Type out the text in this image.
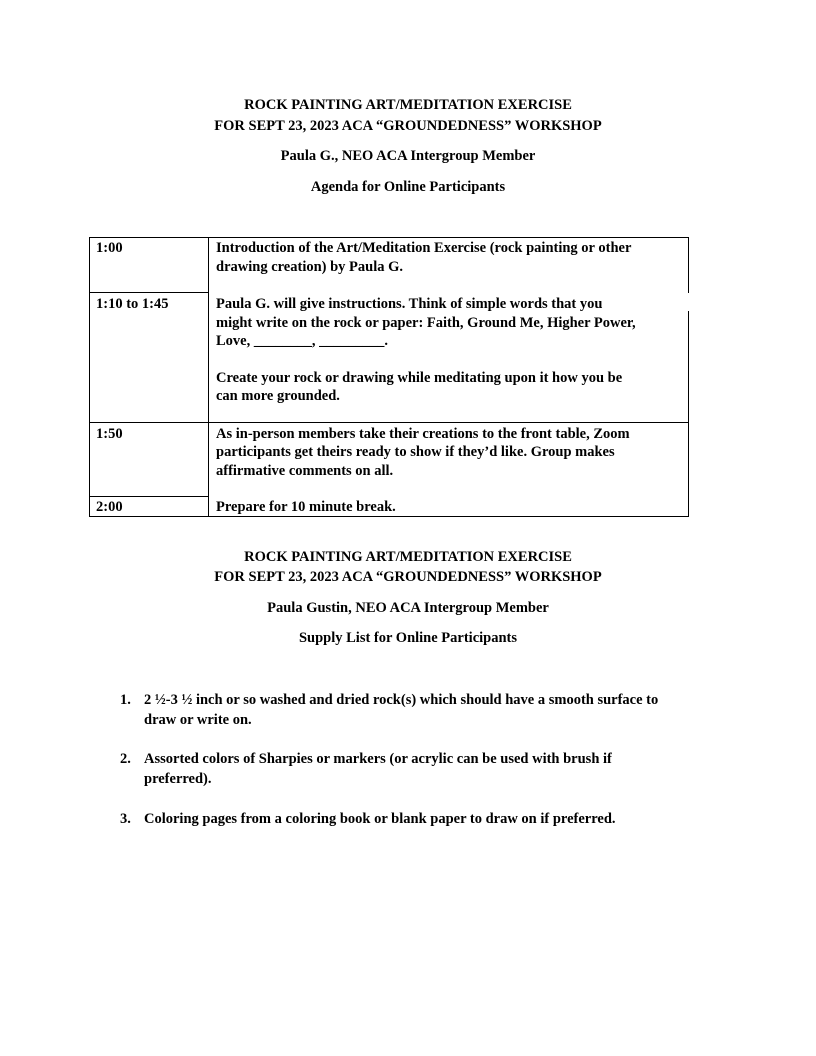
ROCK PAINTING ART/MEDITATION EXERCISE
FOR SEPT 23, 2023 ACA “GROUNDEDNESS” WORKSHOP
Paula G., NEO ACA Intergroup Member
Agenda for Online Participants
1:00	Introduction of the Art/Meditation Exercise (rock painting or other
drawing creation) by Paula G.
1:10 to 1:45	Paula G. will give instructions. Think of simple words that you
might write on the rock or paper: Faith, Ground Me, Higher Power,
Love, ________, _________.
Create your rock or drawing while meditating upon it how you be
can more grounded.
1:50	As in-person members take their creations to the front table, Zoom
participants get theirs ready to show if they’d like. Group makes
affirmative comments on all.
2:00	Prepare for 10 minute break.
ROCK PAINTING ART/MEDITATION EXERCISE
FOR SEPT 23, 2023 ACA “GROUNDEDNESS” WORKSHOP
Paula Gustin, NEO ACA Intergroup Member
Supply List for Online Participants
1. 2 ½-3 ½ inch or so washed and dried rock(s) which should have a smooth surface to
draw or write on.
2. Assorted colors of Sharpies or markers (or acrylic can be used with brush if
preferred).
3. Coloring pages from a coloring book or blank paper to draw on if preferred.
